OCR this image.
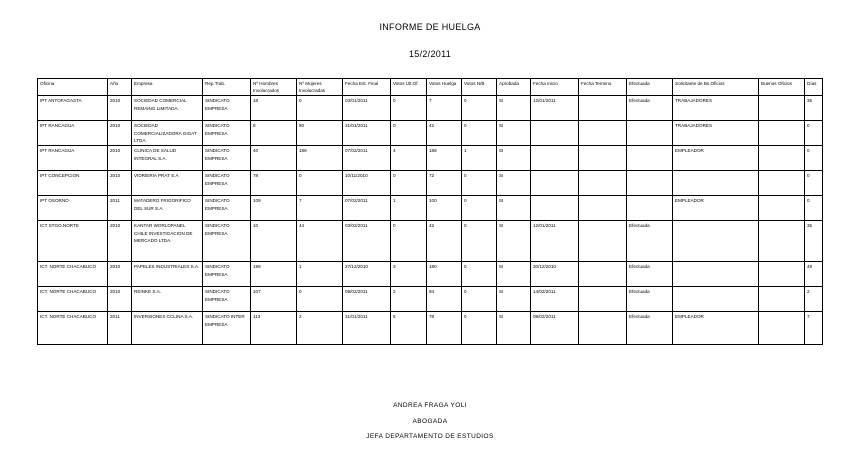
INFORME DE HUELGA
15/2/2011
Oficina	Año	Empresa	Rep.Trab.	Nº Hombres Involucrados	Nº Mujeres Involucradas	Fecha Est. Final	Votos Ult.Of.	Votos Huelga	Votos N/B	Aprobada	Fecha Inicio	Fecha Termino	Efectuada	Solicitante de Bs.Oficios	Buenos Oficios	Días
IPT ANTOFAGASTA	2010	SOCIEDAD COMERCIAL REMAING LIMITADA.	SINDICATO EMPRESA	18	0	03/01/2011	0	7	0	SI	12/01/2011		Efectuada	TRABAJADORES		35
IPT RANCAGUA	2010	SOCIEDAD COMERCIALIZADORA GIGAT LTDA.	SINDICATO EMPRESA	8	80	31/01/2011	0	42	0	SI				TRABAJADORES		0
IPT RANCAGUA	2010	CLINICA DE SALUD INTEGRAL S.A.	SINDICATO EMPRESA	40	188	07/02/2011	4	188	1	SI				EMPLEADOR		0
IPT CONCEPCION	2010	VIDRIERIA PRAT S.A	SINDICATO EMPRESA	78	0	10/11/2010	0	72	0	SI						0
IPT OSORNO	2011	MATADERO FRIGORIFICO DEL SUR S.A.	SINDICATO EMPRESA	109	7	07/02/2011	1	100	0	SI				EMPLEADOR		0
ICT STGO.NORTE	2010	KANTAR WORLDPANEL CHILE INVESTIGACION DE MERCADO LTDA.	SINDICATO EMPRESA	10	44	03/02/2011	0	42	0	SI	12/01/2011		Efectuada			35
ICT. NORTE CHACABUCO	2010	PAPELES INDUSTRIALES S.A.	SINDICATO EMPRESA	198	1	27/12/2010	3	180	0	SI	30/12/2010		Efectuada			48
ICT. NORTE CHACABUCO	2010	REINKE S.A.	SINDICATO EMPRESA	107	0	09/02/2011	2	94	0	SI	14/02/2011		Efectuada			2
ICT. NORTE CHACABUCO	2011	INVERSIONES CCLINA S.A.	SINDICATO INTER EMPRESA	113	2	31/01/2011	5	78	0	SI	08/02/2011		Efectuada	EMPLEADOR		7
ANDREA FRAGA YOLI
ABOGADA
JEFA DEPARTAMENTO DE ESTUDIOS
